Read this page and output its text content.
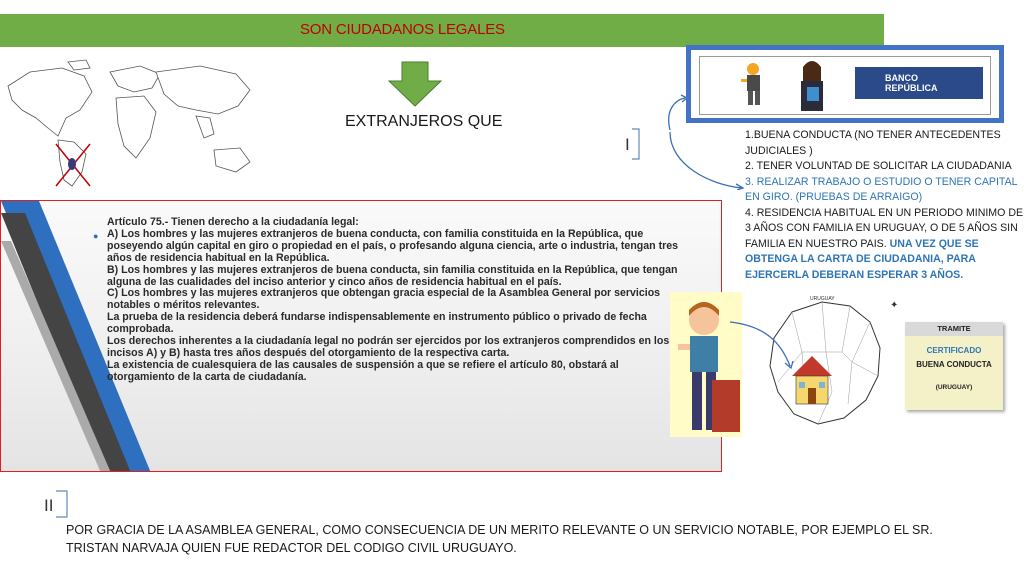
SON CIUDADANOS LEGALES
EXTRANJEROS QUE
I
BANCO
REPÚBLICA
1.BUENA CONDUCTA (NO TENER ANTECEDENTES JUDICIALES )
2. TENER VOLUNTAD DE SOLICITAR LA CIUDADANIA
3. REALIZAR TRABAJO O ESTUDIO O TENER CAPITAL EN GIRO. (PRUEBAS DE ARRAIGO)
4. RESIDENCIA HABITUAL EN UN PERIODO MINIMO DE 3 AÑOS CON FAMILIA EN URUGUAY, O DE 5 AÑOS SIN FAMILIA EN NUESTRO PAIS. UNA VEZ QUE SE OBTENGA LA CARTA DE CIUDADANIA, PARA EJERCERLA DEBERAN ESPERAR 3 AÑOS.
●

Artículo 75.- Tienen derecho a la ciudadanía legal:

A) Los hombres y las mujeres extranjeros de buena conducta, con familia constituida en la República, que poseyendo algún capital en giro o propiedad en el país, o profesando alguna ciencia, arte o industria, tengan tres años de residencia habitual en la República.

B) Los hombres y las mujeres extranjeros de buena conducta, sin familia constituida en la República, que tengan alguna de las cualidades del inciso anterior y cinco años de residencia habitual en el país.

C) Los hombres y las mujeres extranjeros que obtengan gracia especial de la Asamblea General por servicios notables o méritos relevantes.

La prueba de la residencia deberá fundarse indispensablemente en instrumento público o privado de fecha comprobada.

Los derechos inherentes a la ciudadanía legal no podrán ser ejercidos por los extranjeros comprendidos en los incisos A) y B) hasta tres años después del otorgamiento de la respectiva carta.

La existencia de cualesquiera de las causales de suspensión a que se refiere el artículo 80, obstará al otorgamiento de la carta de ciudadanía.

URUGUAY
✦
TRAMITE
CERTIFICADO
BUENA CONDUCTA
(URUGUAY)
II
POR GRACIA DE LA ASAMBLEA GENERAL, COMO CONSECUENCIA DE UN MERITO RELEVANTE O UN SERVICIO NOTABLE, POR EJEMPLO EL SR. TRISTAN NARVAJA QUIEN FUE REDACTOR DEL CODIGO CIVIL URUGUAYO.
